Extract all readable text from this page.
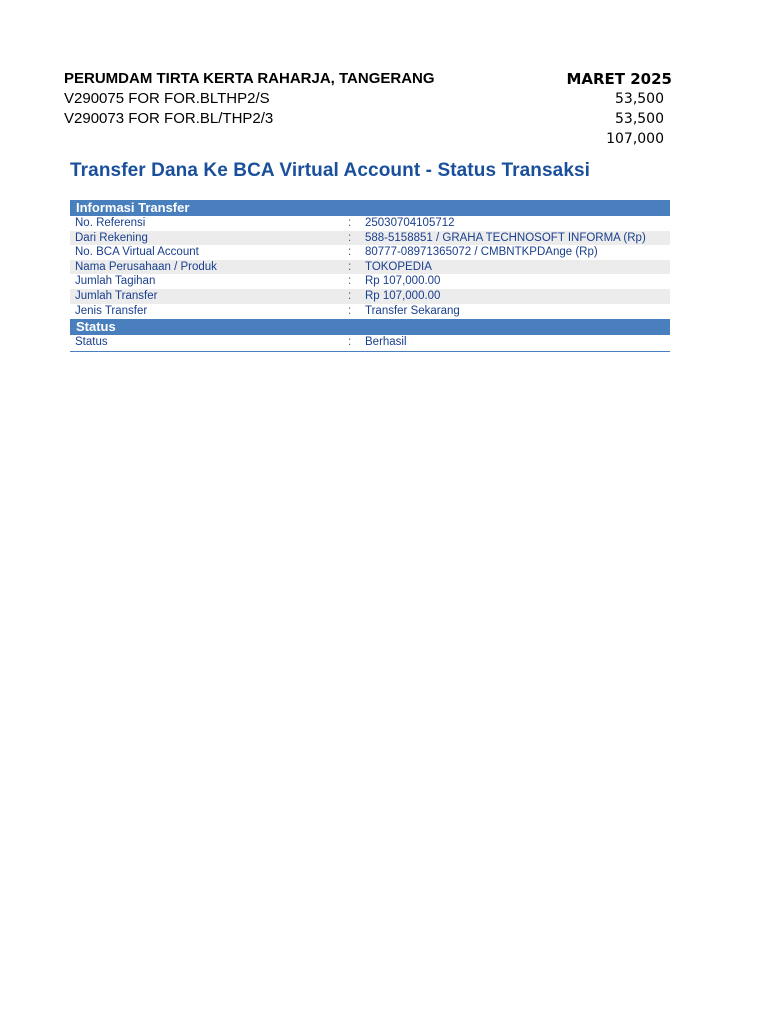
PERUMDAM TIRTA KERTA RAHARJA, TANGERANG	MARET 2025
V290075 FOR FOR.BLTHP2/S	53,500
V290073 FOR FOR.BL/THP2/3	53,500
107,000
Transfer Dana Ke BCA Virtual Account - Status Transaksi
Informasi Transfer
No. Referensi	: 25030704105712
Dari Rekening	: 588-5158851 / GRAHA TECHNOSOFT INFORMA (Rp)
No. BCA Virtual Account	: 80777-08971365072 / CMBNTKPDAnge (Rp)
Nama Perusahaan / Produk	: TOKOPEDIA
Jumlah Tagihan	: Rp 107,000.00
Jumlah Transfer	: Rp 107,000.00
Jenis Transfer	: Transfer Sekarang
Status
Status	: Berhasil
